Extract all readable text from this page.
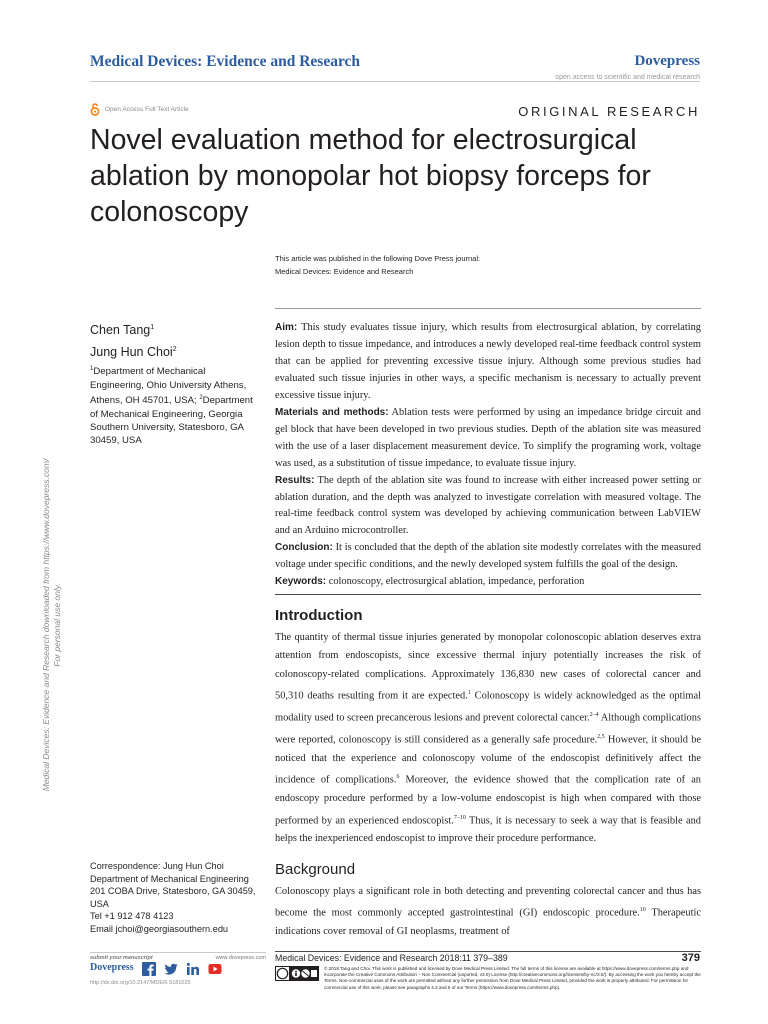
Medical Devices: Evidence and Research	Dovepress
open access to scientific and medical research
Open Access Full Text Article	ORIGINAL RESEARCH
Novel evaluation method for electrosurgical ablation by monopolar hot biopsy forceps for colonoscopy
This article was published in the following Dove Press journal:
Medical Devices: Evidence and Research
Medical Devices: Evidence and Research downloaded from https://www.dovepress.com/ For personal use only.
Chen Tang$^1$
Jung Hun Choi$^2$
$^1$Department of Mechanical Engineering, Ohio University Athens, Athens, OH 45701, USA; $^2$Department of Mechanical Engineering, Georgia Southern University, Statesboro, GA 30459, USA

Aim: This study evaluates tissue injury, which results from electrosurgical ablation, by correlating lesion depth to tissue impedance, and introduces a newly developed real-time feedback control system that can be applied for preventing excessive tissue injury. Although some previous studies had evaluated such tissue injuries in other ways, a specific mechanism is necessary to actually prevent excessive tissue injury.

Materials and methods: Ablation tests were performed by using an impedance bridge circuit and gel block that have been developed in two previous studies. Depth of the ablation site was measured with the use of a laser displacement measurement device. To simplify the programing work, voltage was used, as a substitution of tissue impedance, to evaluate tissue injury.

Results: The depth of the ablation site was found to increase with either increased power setting or ablation duration, and the depth was analyzed to investigate correlation with measured voltage. The real-time feedback control system was developed by achieving communication between LabVIEW and an Arduino microcontroller.

Conclusion: It is concluded that the depth of the ablation site modestly correlates with the measured voltage under specific conditions, and the newly developed system fulfills the goal of the design.

Keywords: colonoscopy, electrosurgical ablation, impedance, perforation

Introduction

The quantity of thermal tissue injuries generated by monopolar colonoscopic ablation deserves extra attention from endoscopists, since excessive thermal injury potentially increases the risk of colonoscopy-related complications. Approximately 136,830 new cases of colorectal cancer and 50,310 deaths resulting from it are expected.$^1$ Colonoscopy is widely acknowledged as the optimal modality used to screen precancerous lesions and prevent colorectal cancer.$^{2-4}$ Although complications were reported, colonoscopy is still considered as a generally safe procedure.$^{2,5}$ However, it should be noticed that the experience and colonoscopy volume of the endoscopist definitively affect the incidence of complications.$^6$ Moreover, the evidence showed that the complication rate of an endoscopy procedure performed by a low-volume endoscopist is high when compared with those performed by an experienced endoscopist.$^{7-10}$ Thus, it is necessary to seek a way that is feasible and helps the inexperienced endoscopist to improve their procedure performance.

Background

Colonoscopy plays a significant role in both detecting and preventing colorectal cancer and thus has become the most commonly accepted gastrointestinal (GI) endoscopic procedure.$^{10}$ Therapeutic indications cover removal of GI neoplasms, treatment of

Correspondence: Jung Hun Choi
Department of Mechanical Engineering
201 COBA Drive, Statesboro, GA 30459, USA
Tel +1 912 478 4123
Email jchoi@georgiasouthern.edu
submit your manuscript	www.dovepress.com
Dovepress
http://dx.doi.org/10.2147/MDER.S181025
Medical Devices: Evidence and Research 2018:11 379–389	379
© 2018 Tang and Choi. This work is published and licensed by Dove Medical Press Limited. The full terms of this license are available at https://www.dovepress.com/terms.php and incorporate the Creative Commons Attribution – Non Commercial (unported, v3.0) License (http://creativecommons.org/licenses/by-nc/3.0/). By accessing the work you hereby accept the Terms. Non-commercial uses of the work are permitted without any further permission from Dove Medical Press Limited, provided the work is properly attributed. For permission for commercial use of this work, please see paragraphs 4.2 and 5 of our Terms (https://www.dovepress.com/terms.php).
